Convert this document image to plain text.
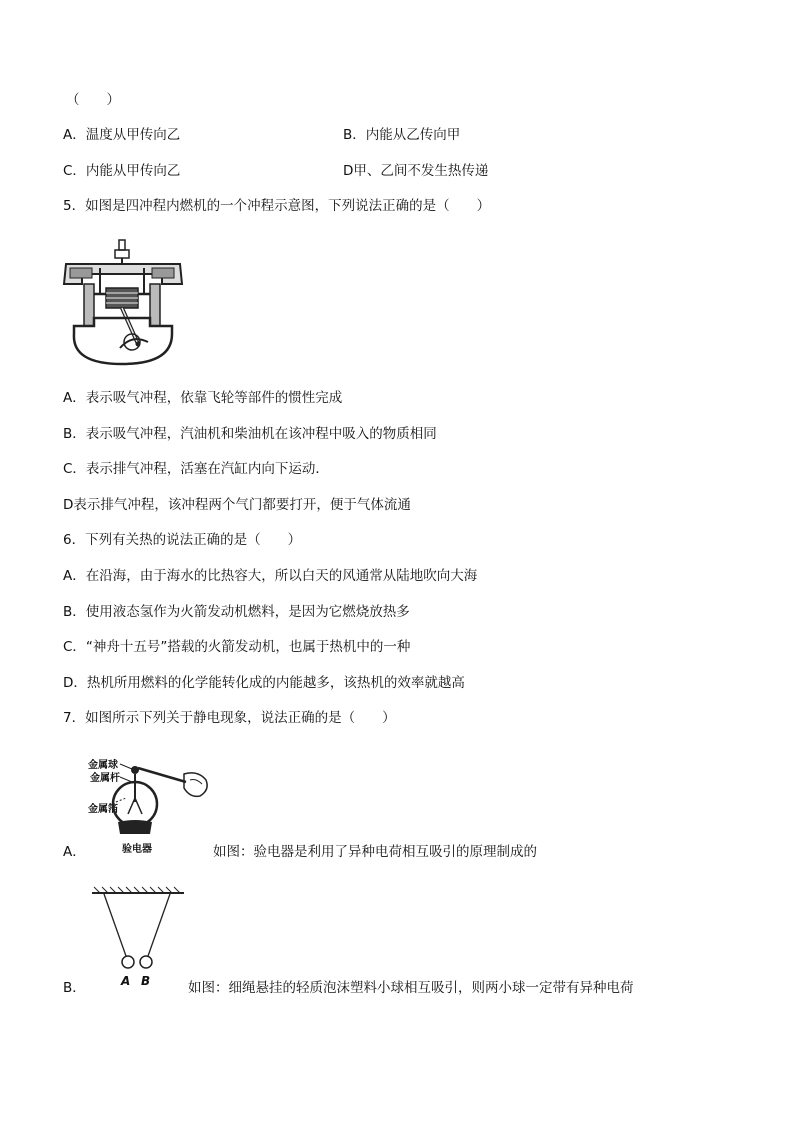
（　　）
A．温度从甲传向乙	B．内能从乙传向甲
C．内能从甲传向乙	D甲、乙间不发生热传递
5．如图是四冲程内燃机的一个冲程示意图，下列说法正确的是（　　）
A．表示吸气冲程，依靠飞轮等部件的惯性完成
B．表示吸气冲程，汽油机和柴油机在该冲程中吸入的物质相同
C．表示排气冲程，活塞在汽缸内向下运动．
D表示排气冲程，该冲程两个气门都要打开，便于气体流通
6．下列有关热的说法正确的是（　　）
A．在沿海，由于海水的比热容大，所以白天的风通常从陆地吹向大海
B．使用液态氢作为火箭发动机燃料，是因为它燃烧放热多
C．“神舟十五号”搭载的火箭发动机，也属于热机中的一种
D．热机所用燃料的化学能转化成的内能越多，该热机的效率就越高
7．如图所示下列关于静电现象，说法正确的是（　　）
金属球
金属杆
金属箔
验电器
A．	如图：验电器是利用了异种电荷相互吸引的原理制成的
A B
B．	如图：细绳悬挂的轻质泡沫塑料小球相互吸引，则两小球一定带有异种电荷
